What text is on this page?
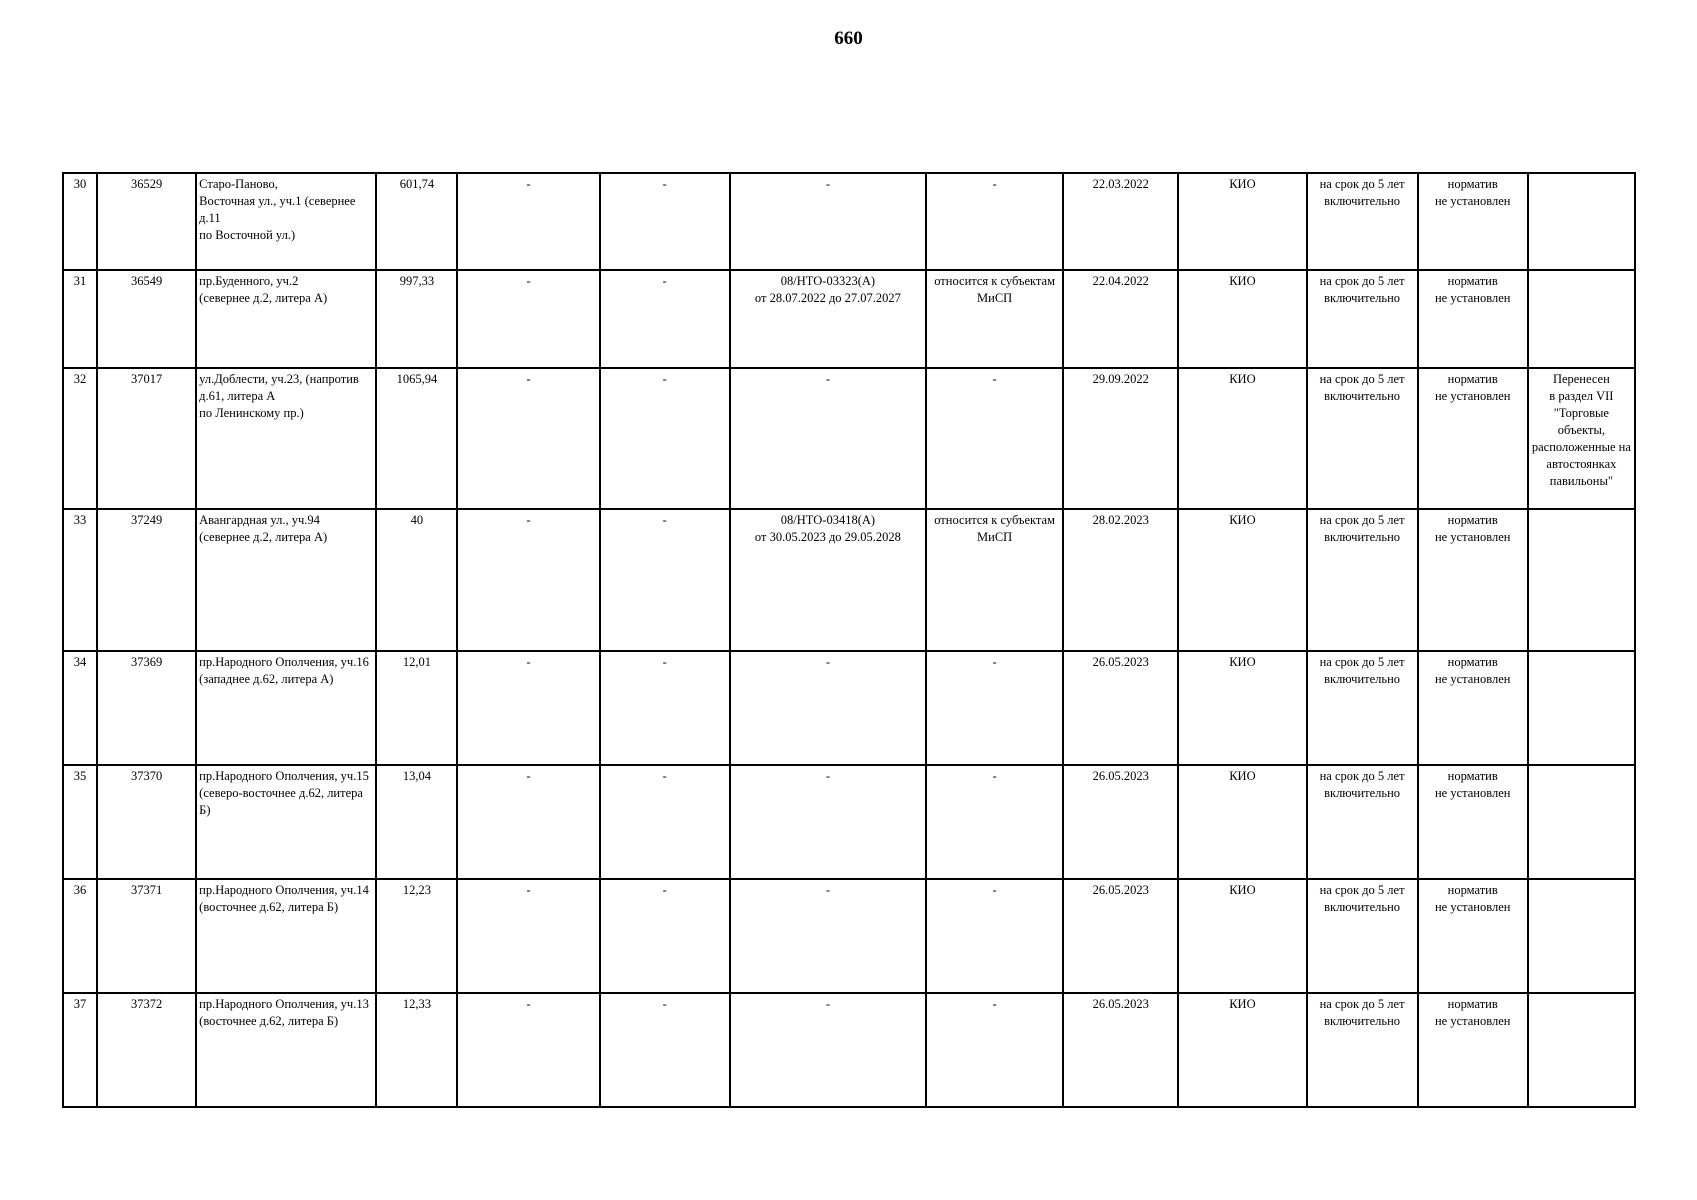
660
30	36529	Старо-Паново,
Восточная ул., уч.1 (севернее д.11
по Восточной ул.)	601,74	-	-	-	-	22.03.2022	КИО	на срок до 5 лет включительно	норматив
не установлен	
31	36549	пр.Буденного, уч.2
(севернее д.2, литера А)	997,33	-	-	08/НТО-03323(А)
от 28.07.2022 до 27.07.2027	относится к субъектам МиСП	22.04.2022	КИО	на срок до 5 лет включительно	норматив
не установлен	
32	37017	ул.Доблести, уч.23, (напротив д.61, литера А
по Ленинскому пр.)	1065,94	-	-	-	-	29.09.2022	КИО	на срок до 5 лет включительно	норматив
не установлен	Перенесен
в раздел VII
"Торговые объекты, расположенные на автостоянках павильоны"
33	37249	Авангардная ул., уч.94
(севернее д.2, литера А)	40	-	-	08/НТО-03418(А)
от 30.05.2023 до 29.05.2028	относится к субъектам МиСП	28.02.2023	КИО	на срок до 5 лет включительно	норматив
не установлен	
34	37369	пр.Народного Ополчения, уч.16 (западнее д.62, литера А)	12,01	-	-	-	-	26.05.2023	КИО	на срок до 5 лет включительно	норматив
не установлен	
35	37370	пр.Народного Ополчения, уч.15 (северо-восточнее д.62, литера Б)	13,04	-	-	-	-	26.05.2023	КИО	на срок до 5 лет включительно	норматив
не установлен	
36	37371	пр.Народного Ополчения, уч.14 (восточнее д.62, литера Б)	12,23	-	-	-	-	26.05.2023	КИО	на срок до 5 лет включительно	норматив
не установлен	
37	37372	пр.Народного Ополчения, уч.13 (восточнее д.62, литера Б)	12,33	-	-	-	-	26.05.2023	КИО	на срок до 5 лет включительно	норматив
не установлен	
